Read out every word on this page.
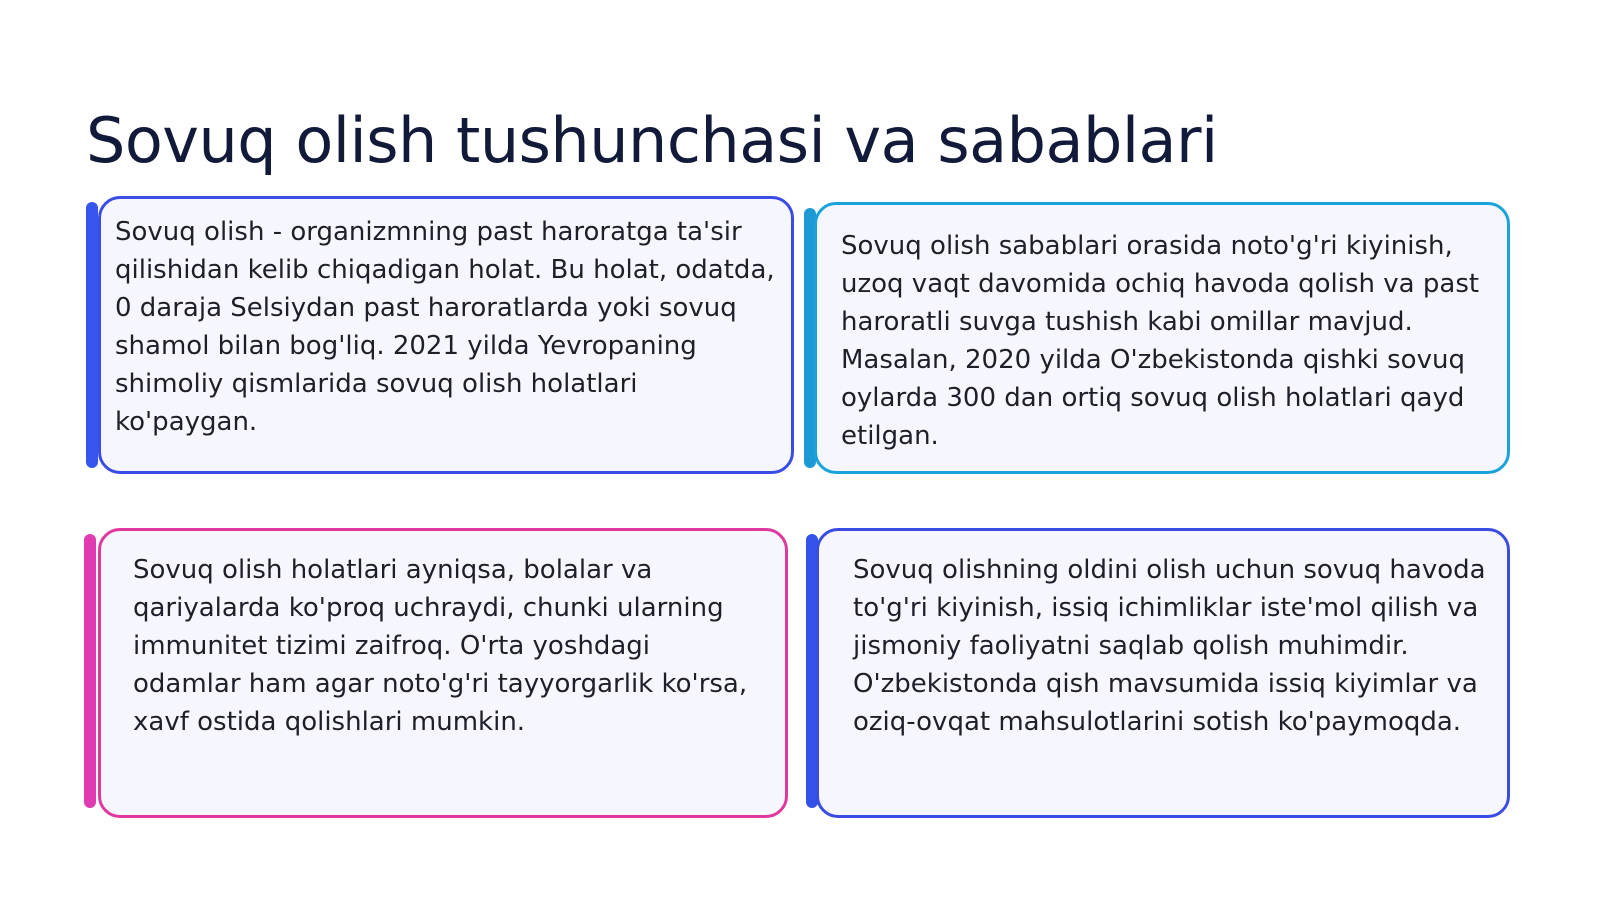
Sovuq olish tushunchasi va sabablari

Sovuq olish - organizmning past haroratga ta'sir qilishidan kelib chiqadigan holat. Bu holat, odatda, 0 daraja Selsiydan past haroratlarda yoki sovuq shamol bilan bog'liq. 2021 yilda Yevropaning shimoliy qismlarida sovuq olish holatlari ko'paygan.

Sovuq olish sabablari orasida noto'g'ri kiyinish, uzoq vaqt davomida ochiq havoda qolish va past haroratli suvga tushish kabi omillar mavjud. Masalan, 2020 yilda O'zbekistonda qishki sovuq oylarda 300 dan ortiq sovuq olish holatlari qayd etilgan.

Sovuq olish holatlari ayniqsa, bolalar va qariyalarda ko'proq uchraydi, chunki ularning immunitet tizimi zaifroq. O'rta yoshdagi odamlar ham agar noto'g'ri tayyorgarlik ko'rsa, xavf ostida qolishlari mumkin.

Sovuq olishning oldini olish uchun sovuq havoda to'g'ri kiyinish, issiq ichimliklar iste'mol qilish va jismoniy faoliyatni saqlab qolish muhimdir. O'zbekistonda qish mavsumida issiq kiyimlar va oziq-ovqat mahsulotlarini sotish ko'paymoqda.
